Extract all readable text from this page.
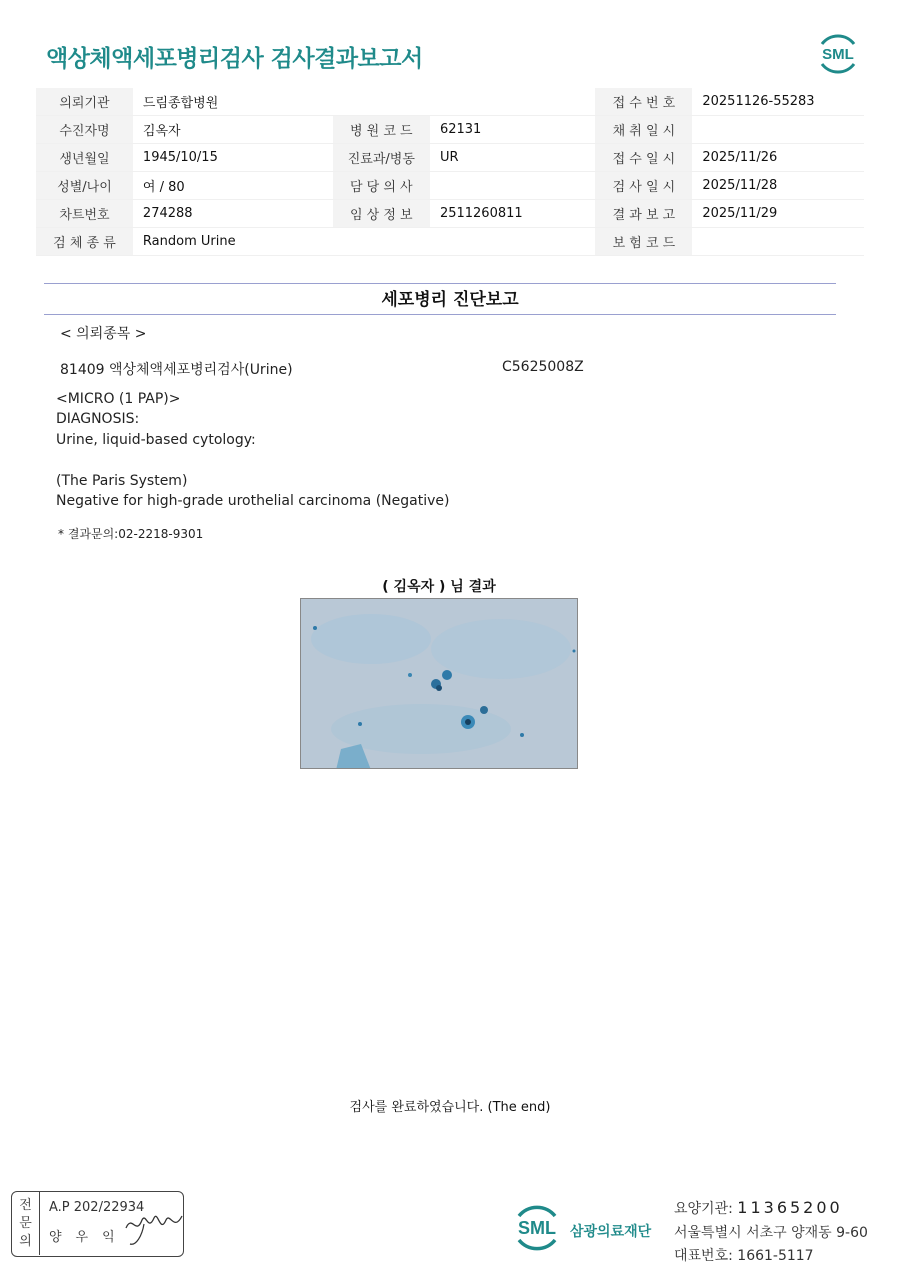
액상체액세포병리검사 검사결과보고서	SML
의뢰기관	드림종합병원			접 수 번 호	20251126-55283
수진자명	김옥자	병 원 코 드	62131	채 취 일 시	
생년월일	1945/10/15	진료과/병동	UR	접 수 일 시	2025/11/26
성별/나이	여 / 80	담 당 의 사		검 사 일 시	2025/11/28
차트번호	274288	임 상 정 보	2511260811	결 과 보 고	2025/11/29
검 체 종 류	Random Urine			보 험 코 드	
세포병리 진단보고
< 의뢰종목 >
81409 액상체액세포병리검사(Urine)	C5625008Z
<MICRO (1 PAP)>
DIAGNOSIS:
Urine, liquid-based cytology:
(The Paris System)
Negative for high-grade urothelial carcinoma (Negative)
* 결과문의:02-2218-9301
( 김옥자 ) 님 결과
검사를 완료하였습니다. (The end)
전
문
의
A.P 202/22934
양우익	SML 삼광의료재단
요양기관: 11365200
서울특별시 서초구 양재동 9-60
대표번호: 1661-5117
